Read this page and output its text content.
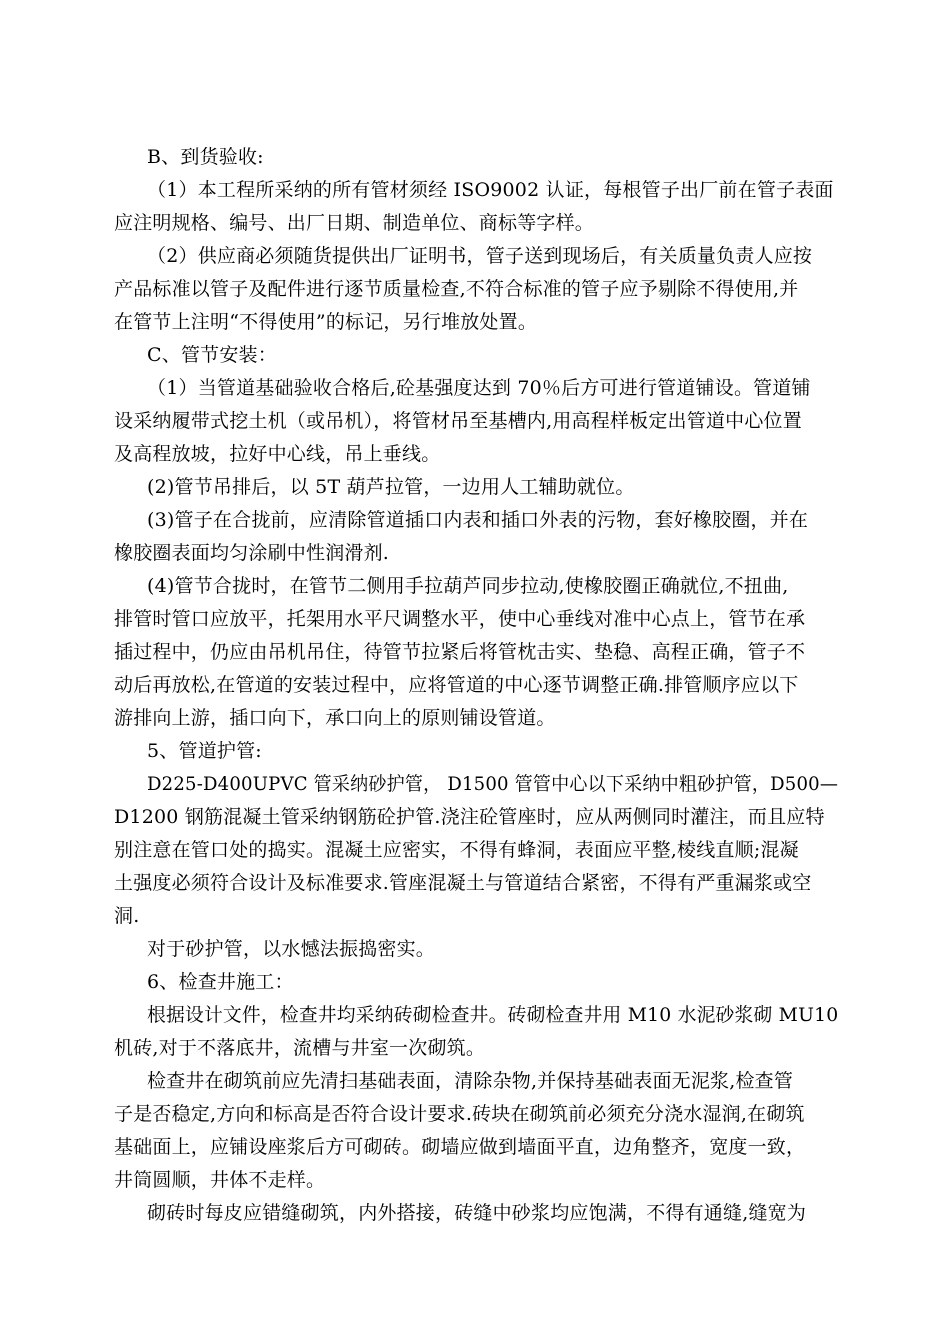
B、到货验收:
（1）本工程所采纳的所有管材须经 ISO9002 认证，每根管子出厂前在管子表面
应注明规格、编号、出厂日期、制造单位、商标等字样。
（2）供应商必须随货提供出厂证明书，管子送到现场后，有关质量负责人应按
产品标准以管子及配件进行逐节质量检查,不符合标准的管子应予剔除不得使用,并
在管节上注明“不得使用”的标记，另行堆放处置。
C、管节安装：
（1）当管道基础验收合格后,砼基强度达到 70％后方可进行管道铺设。管道铺
设采纳履带式挖土机（或吊机），将管材吊至基槽内,用高程样板定出管道中心位置
及高程放坡，拉好中心线，吊上垂线。
(2)管节吊排后，以 5T 葫芦拉管，一边用人工辅助就位。
(3)管子在合拢前，应清除管道插口内表和插口外表的污物，套好橡胶圈，并在
橡胶圈表面均匀涂刷中性润滑剂.
(4)管节合拢时，在管节二侧用手拉葫芦同步拉动,使橡胶圈正确就位,不扭曲,
排管时管口应放平，托架用水平尺调整水平，使中心垂线对准中心点上，管节在承
插过程中，仍应由吊机吊住，待管节拉紧后将管枕击实、垫稳、高程正确，管子不
动后再放松,在管道的安装过程中，应将管道的中心逐节调整正确.排管顺序应以下
游排向上游，插口向下，承口向上的原则铺设管道。
5、管道护管:
D225-D400UPVC 管采纳砂护管， D1500 管管中心以下采纳中粗砂护管，D500—
D1200 钢筋混凝土管采纳钢筋砼护管.浇注砼管座时，应从两侧同时灌注，而且应特
别注意在管口处的捣实。混凝土应密实，不得有蜂洞，表面应平整,棱线直顺;混凝
土强度必须符合设计及标准要求.管座混凝土与管道结合紧密，不得有严重漏浆或空
洞.
对于砂护管，以水憾法振捣密实。
6、检查井施工：
根据设计文件，检查井均采纳砖砌检查井。砖砌检查井用 M10 水泥砂浆砌 MU10
机砖,对于不落底井，流槽与井室一次砌筑。
检查井在砌筑前应先清扫基础表面，清除杂物,并保持基础表面无泥浆,检查管
子是否稳定,方向和标高是否符合设计要求.砖块在砌筑前必须充分浇水湿润,在砌筑
基础面上，应铺设座浆后方可砌砖。砌墙应做到墙面平直，边角整齐，宽度一致，
井筒圆顺，井体不走样。
砌砖时每皮应错缝砌筑，内外搭接，砖缝中砂浆均应饱满，不得有通缝,缝宽为
